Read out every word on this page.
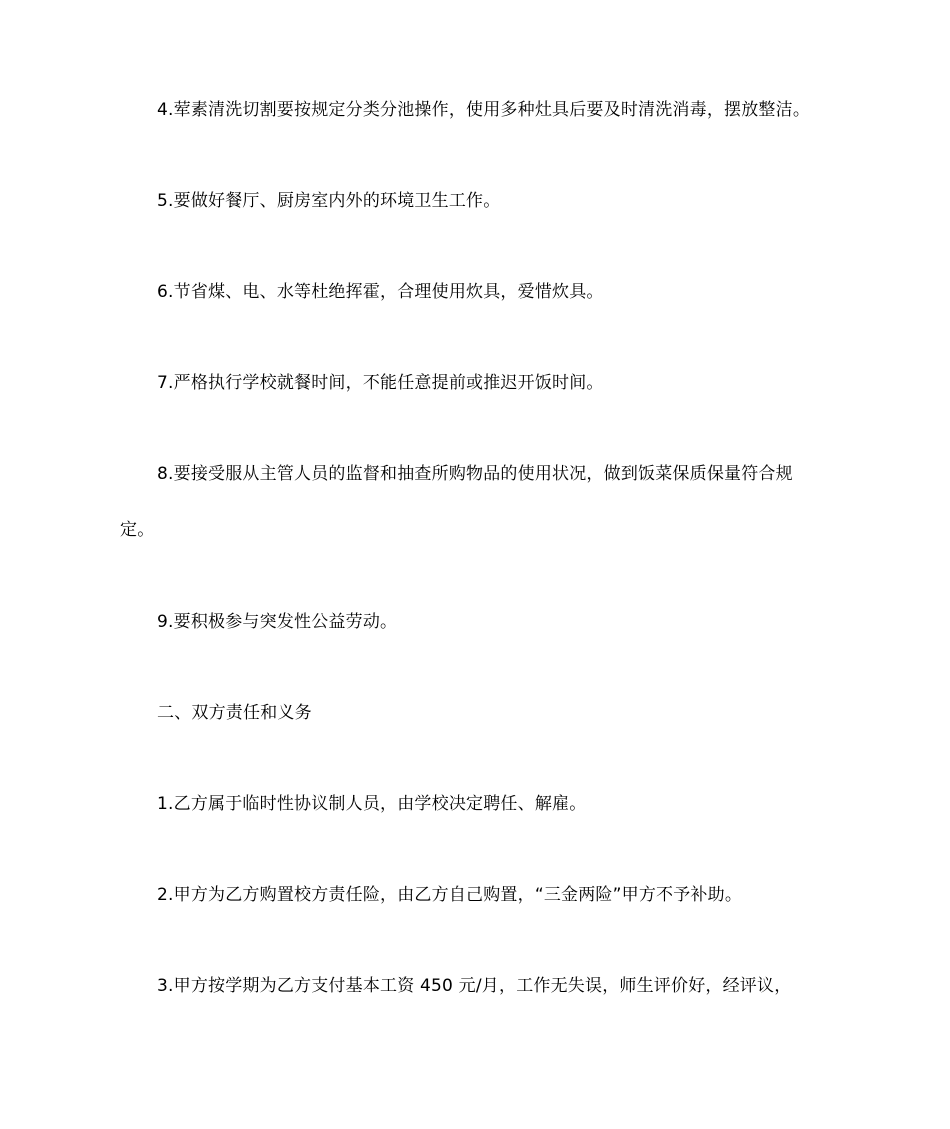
4.荤素清洗切割要按规定分类分池操作，使用多种灶具后要及时清洗消毒，摆放整洁。
5.要做好餐厅、厨房室内外的环境卫生工作。
6.节省煤、电、水等杜绝挥霍，合理使用炊具，爱惜炊具。
7.严格执行学校就餐时间，不能任意提前或推迟开饭时间。
8.要接受服从主管人员的监督和抽查所购物品的使用状况，做到饭菜保质保量符合规
定。
9.要积极参与突发性公益劳动。
二、双方责任和义务
1.乙方属于临时性协议制人员，由学校决定聘任、解雇。
2.甲方为乙方购置校方责任险，由乙方自己购置，“三金两险”甲方不予补助。
3.甲方按学期为乙方支付基本工资 450 元/月，工作无失误，师生评价好，经评议，
